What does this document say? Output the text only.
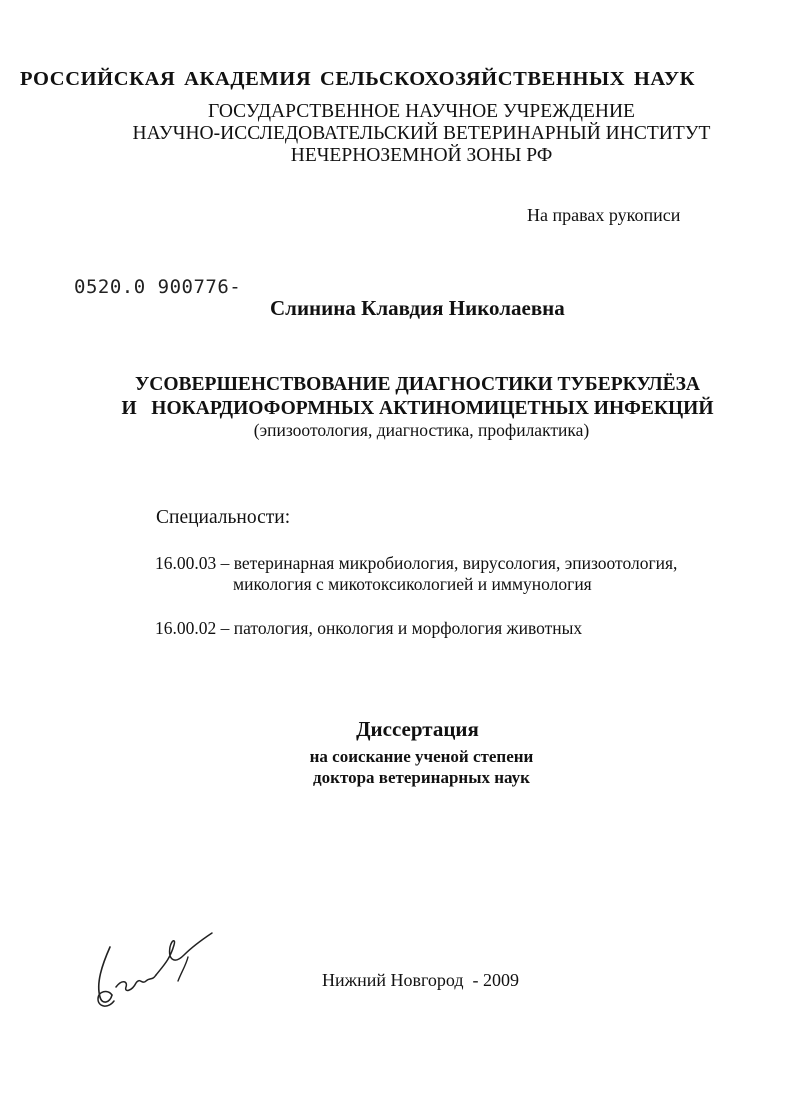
РОССИЙСКАЯ АКАДЕМИЯ СЕЛЬСКОХОЗЯЙСТВЕННЫХ НАУК
ГОСУДАРСТВЕННОЕ НАУЧНОЕ УЧРЕЖДЕНИЕ
НАУЧНО-ИССЛЕДОВАТЕЛЬСКИЙ ВЕТЕРИНАРНЫЙ ИНСТИТУТ
НЕЧЕРНОЗЕМНОЙ ЗОНЫ РФ
На правах рукописи
0520.0 900776-
Слинина Клавдия Николаевна
УСОВЕРШЕНСТВОВАНИЕ ДИАГНОСТИКИ ТУБЕРКУЛЁЗА
И   НОКАРДИОФОРМНЫХ АКТИНОМИЦЕТНЫХ ИНФЕКЦИЙ
(эпизоотология, диагностика, профилактика)
Специальности:
16.00.03 – ветеринарная микробиология, вирусология, эпизоотология,
микология с микотоксикологией и иммунология
16.00.02 – патология, онкология и морфология животных
Диссертация
на соискание ученой степени
доктора ветеринарных наук
Нижний Новгород  - 2009
